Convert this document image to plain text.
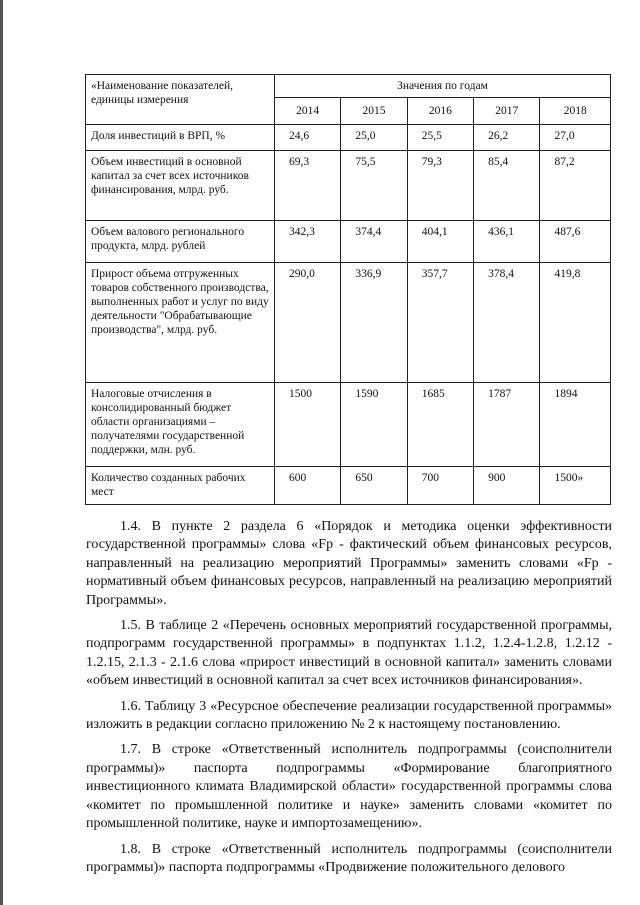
«Наименование показателей, единицы измерения	Значения по годам				
	2014	2015	2016	2017	2018
Доля инвестиций в ВРП, %	24,6	25,0	25,5	26,2	27,0
Объем инвестиций в основной капитал за счет всех источников финансирования, млрд. руб.	69,3	75,5	79,3	85,4	87,2
Объем валового регионального продукта, млрд. рублей	342,3	374,4	404,1	436,1	487,6
Прирост объема отгруженных товаров собственного производства, выполненных работ и услуг по виду деятельности "Обрабатывающие производства", млрд. руб.	290,0	336,9	357,7	378,4	419,8
Налоговые отчисления в консолидированный бюджет области организациями – получателями государственной поддержки, млн. руб.	1500	1590	1685	1787	1894
Количество созданных рабочих мест	600	650	700	900	1500»

1.4. В пункте 2 раздела 6 «Порядок и методика оценки эффективности государственной программы» слова «Fp - фактический объем финансовых ресурсов, направленный на реализацию мероприятий Программы» заменить словами «Fp - нормативный объем финансовых ресурсов, направленный на реализацию мероприятий Программы».

1.5. В таблице 2 «Перечень основных мероприятий государственной программы, подпрограмм государственной программы» в подпунктах 1.1.2, 1.2.4-1.2.8, 1.2.12 - 1.2.15, 2.1.3 - 2.1.6 слова «прирост инвестиций в основной капитал» заменить словами «объем инвестиций в основной капитал за счет всех источников финансирования».

1.6. Таблицу 3 «Ресурсное обеспечение реализации государственной программы» изложить в редакции согласно приложению № 2 к настоящему постановлению.

1.7. В строке «Ответственный исполнитель подпрограммы (соисполнители программы)» паспорта подпрограммы «Формирование благоприятного инвестиционного климата Владимирской области» государственной программы слова «комитет по промышленной политике и науке» заменить словами «комитет по промышленной политике, науке и импортозамещению».

1.8. В строке «Ответственный исполнитель подпрограммы (соисполнители программы)» паспорта подпрограммы «Продвижение положительного делового
